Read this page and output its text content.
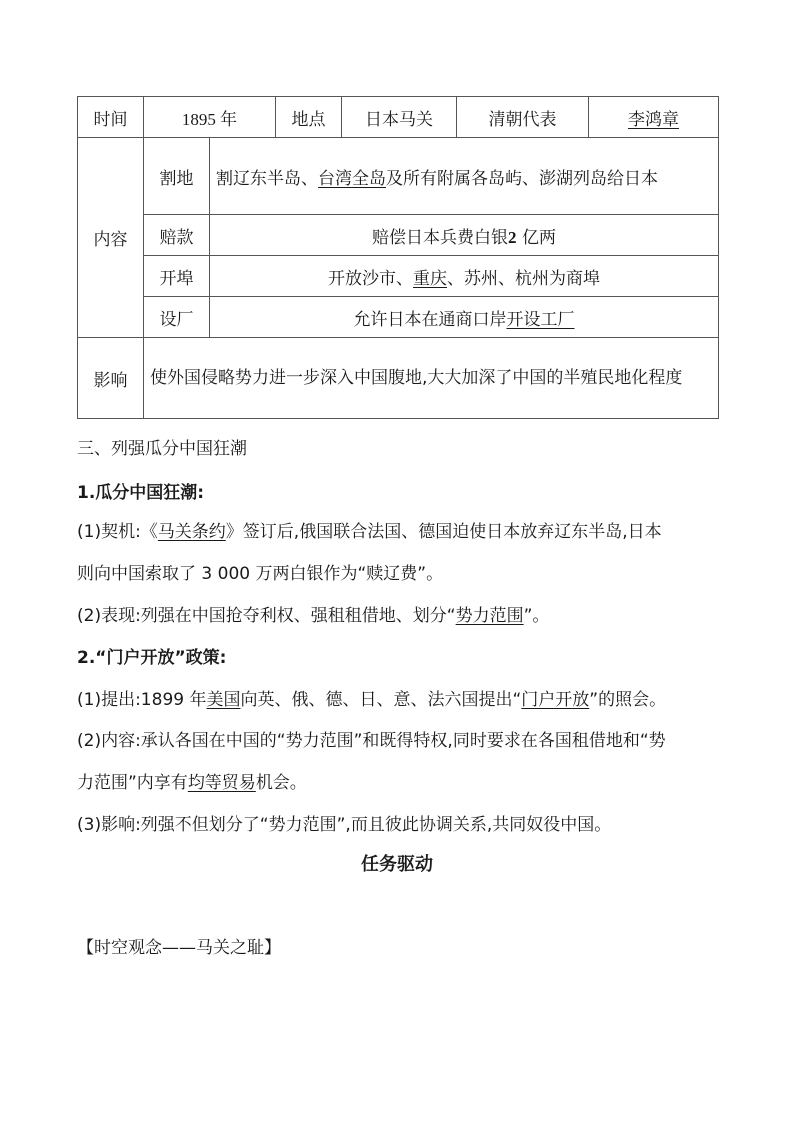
时间	1895 年		地点	日本马关	清朝代表	李鸿章
内容	割地	割辽东半岛、台湾全岛及所有附属各岛屿、澎湖列岛给日本				
	赔款	赔偿日本兵费白银2 亿两				
	开埠	开放沙市、重庆、苏州、杭州为商埠				
	设厂	允许日本在通商口岸开设工厂				
影响	使外国侵略势力进一步深入中国腹地,大大加深了中国的半殖民地化程度					
三、列强瓜分中国狂潮
1.瓜分中国狂潮:
(1)契机:《马关条约》签订后,俄国联合法国、德国迫使日本放弃辽东半岛,日本
则向中国索取了 3 000 万两白银作为“赎辽费”。
(2)表现:列强在中国抢夺利权、强租租借地、划分“势力范围”。
2.“门户开放”政策:
(1)提出:1899 年美国向英、俄、德、日、意、法六国提出“门户开放”的照会。
(2)内容:承认各国在中国的“势力范围”和既得特权,同时要求在各国租借地和“势
力范围”内享有均等贸易机会。
(3)影响:列强不但划分了“势力范围”,而且彼此协调关系,共同奴役中国。
任务驱动
【时空观念——马关之耻】
